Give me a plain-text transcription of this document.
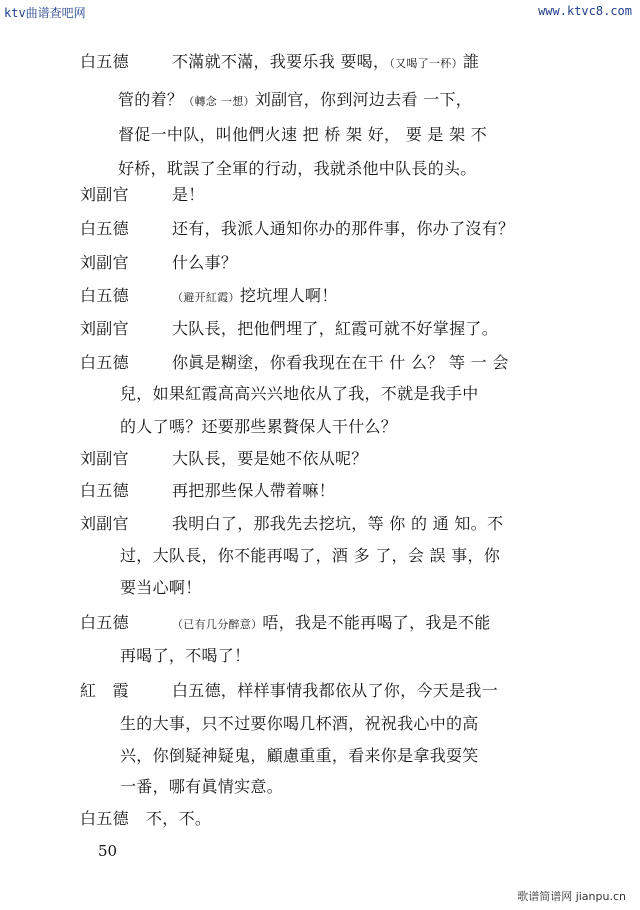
ktv曲谱查吧网	www.ktvc8.com
白五德	不滿就不滿，我要乐我 要喝，（又喝了一杯）誰
管的着？（轉念 一想）刘副官，你到河边去看 一下，
督促一中队，叫他們火速 把 桥 架 好， 要 是 架 不
好桥，耽誤了全軍的行动，我就杀他中队長的头。
刘副官	是！
白五德	还有，我派人通知你办的那件事，你办了沒有？
刘副官	什么事？
白五德	（避开紅霞）挖坑埋人啊！
刘副官	大队長，把他們埋了，紅霞可就不好掌握了。
白五德	你眞是糊塗，你看我现在在干 什 么？ 等 一 会
兒，如果紅霞高高兴兴地依从了我，不就是我手中
的人了嗎？还要那些累贅保人干什么？
刘副官	大队長，要是她不依从呢？
白五德	再把那些保人帶着嘛！
刘副官	我明白了，那我先去挖坑，等 你 的 通 知。不
过，大队長，你不能再喝了，酒 多 了，会 誤 事，你
要当心啊！
白五德	（已有几分醉意）唔，我是不能再喝了，我是不能
再喝了，不喝了！
紅　霞	白五德，样样事情我都依从了你，今天是我一
生的大事，只不过要你喝几杯酒，祝祝我心中的高
兴，你倒疑神疑鬼，顧慮重重，看来你是拿我耍笑
一番，哪有眞情实意。
白五德 不，不。
50
歌谱简谱网 jianpu.cn
